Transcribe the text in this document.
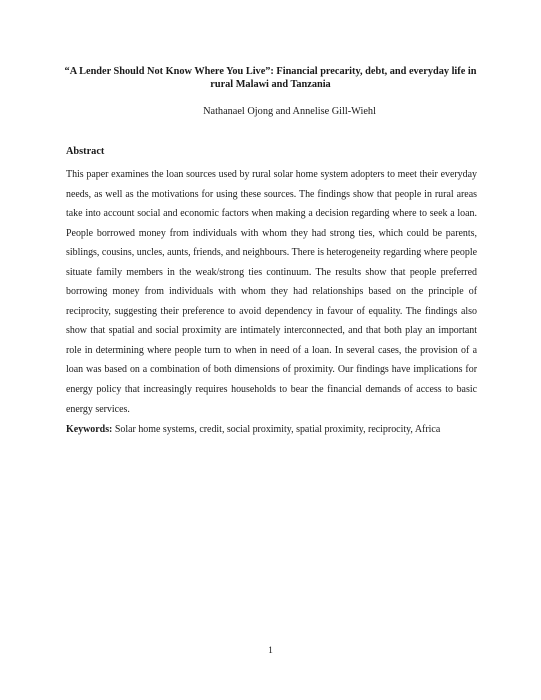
“A Lender Should Not Know Where You Live”: Financial precarity, debt, and everyday life in rural Malawi and Tanzania

Nathanael Ojong and Annelise Gill-Wiehl

Abstract

This paper examines the loan sources used by rural solar home system adopters to meet their everyday needs, as well as the motivations for using these sources. The findings show that people in rural areas take into account social and economic factors when making a decision regarding where to seek a loan. People borrowed money from individuals with whom they had strong ties, which could be parents, siblings, cousins, uncles, aunts, friends, and neighbours. There is heterogeneity regarding where people situate family members in the weak/strong ties continuum. The results show that people preferred borrowing money from individuals with whom they had relationships based on the principle of reciprocity, suggesting their preference to avoid dependency in favour of equality. The findings also show that spatial and social proximity are intimately interconnected, and that both play an important role in determining where people turn to when in need of a loan. In several cases, the provision of a loan was based on a combination of both dimensions of proximity. Our findings have implications for energy policy that increasingly requires households to bear the financial demands of access to basic energy services.

Keywords: Solar home systems, credit, social proximity, spatial proximity, reciprocity, Africa

1
